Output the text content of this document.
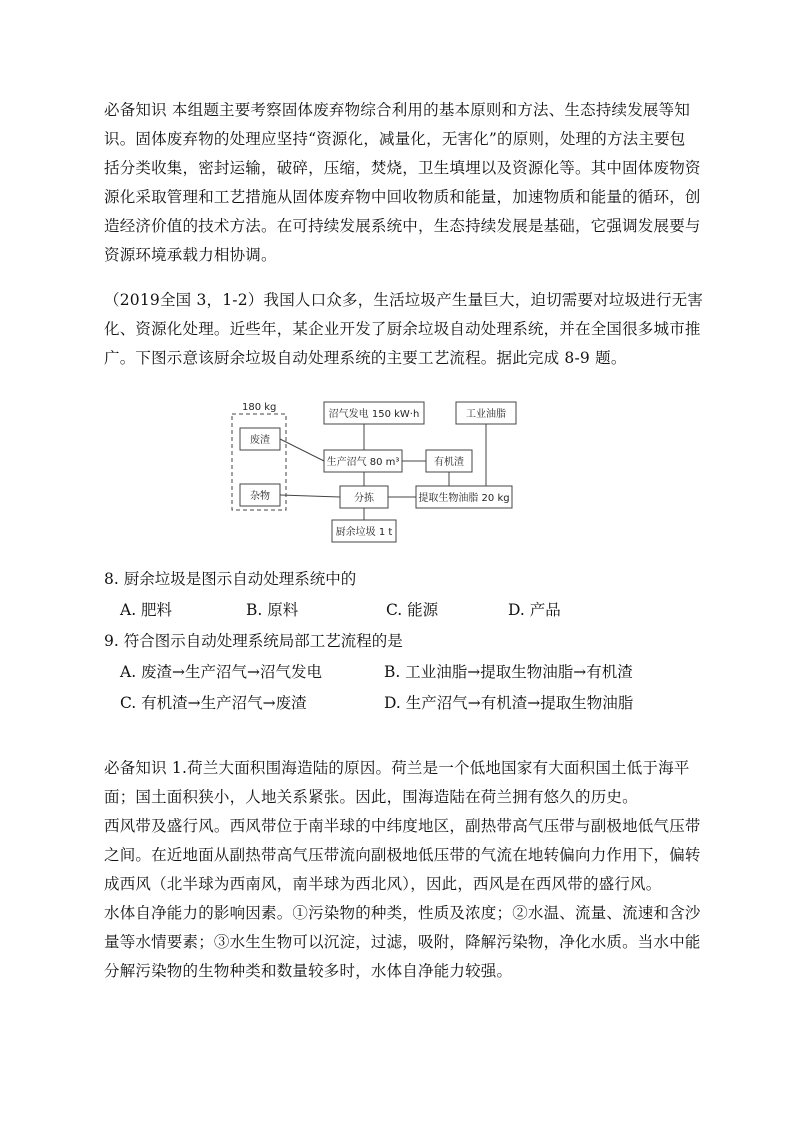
必备知识 本组题主要考察固体废弃物综合利用的基本原则和方法、生态持续发展等知
识。固体废弃物的处理应坚持“资源化，减量化，无害化”的原则，处理的方法主要包
括分类收集，密封运输，破碎，压缩，焚烧，卫生填埋以及资源化等。其中固体废物资
源化采取管理和工艺措施从固体废弃物中回收物质和能量，加速物质和能量的循环，创
造经济价值的技术方法。在可持续发展系统中，生态持续发展是基础，它强调发展要与
资源环境承载力相协调。
（2019全国 3，1-2）我国人口众多，生活垃圾产生量巨大，迫切需要对垃圾进行无害
化、资源化处理。近些年，某企业开发了厨余垃圾自动处理系统，并在全国很多城市推
广。下图示意该厨余垃圾自动处理系统的主要工艺流程。据此完成 8-9 题。
180 kg
废渣
杂物
沼气发电 150 kW·h
生产沼气 80 m³
分拣
厨余垃圾 1 t
有机渣
提取生物油脂 20 kg
工业油脂
8. 厨余垃圾是图示自动处理系统中的
A. 肥料	B. 原料	C. 能源	D. 产品
9. 符合图示自动处理系统局部工艺流程的是
A. 废渣→生产沼气→沼气发电	B. 工业油脂→提取生物油脂→有机渣
C. 有机渣→生产沼气→废渣	D. 生产沼气→有机渣→提取生物油脂
必备知识 1.荷兰大面积围海造陆的原因。荷兰是一个低地国家有大面积国土低于海平
面；国土面积狭小，人地关系紧张。因此，围海造陆在荷兰拥有悠久的历史。
西风带及盛行风。西风带位于南半球的中纬度地区，副热带高气压带与副极地低气压带
之间。在近地面从副热带高气压带流向副极地低压带的气流在地转偏向力作用下，偏转
成西风（北半球为西南风，南半球为西北风），因此，西风是在西风带的盛行风。
水体自净能力的影响因素。①污染物的种类，性质及浓度；②水温、流量、流速和含沙
量等水情要素；③水生生物可以沉淀，过滤，吸附，降解污染物，净化水质。当水中能
分解污染物的生物种类和数量较多时，水体自净能力较强。
